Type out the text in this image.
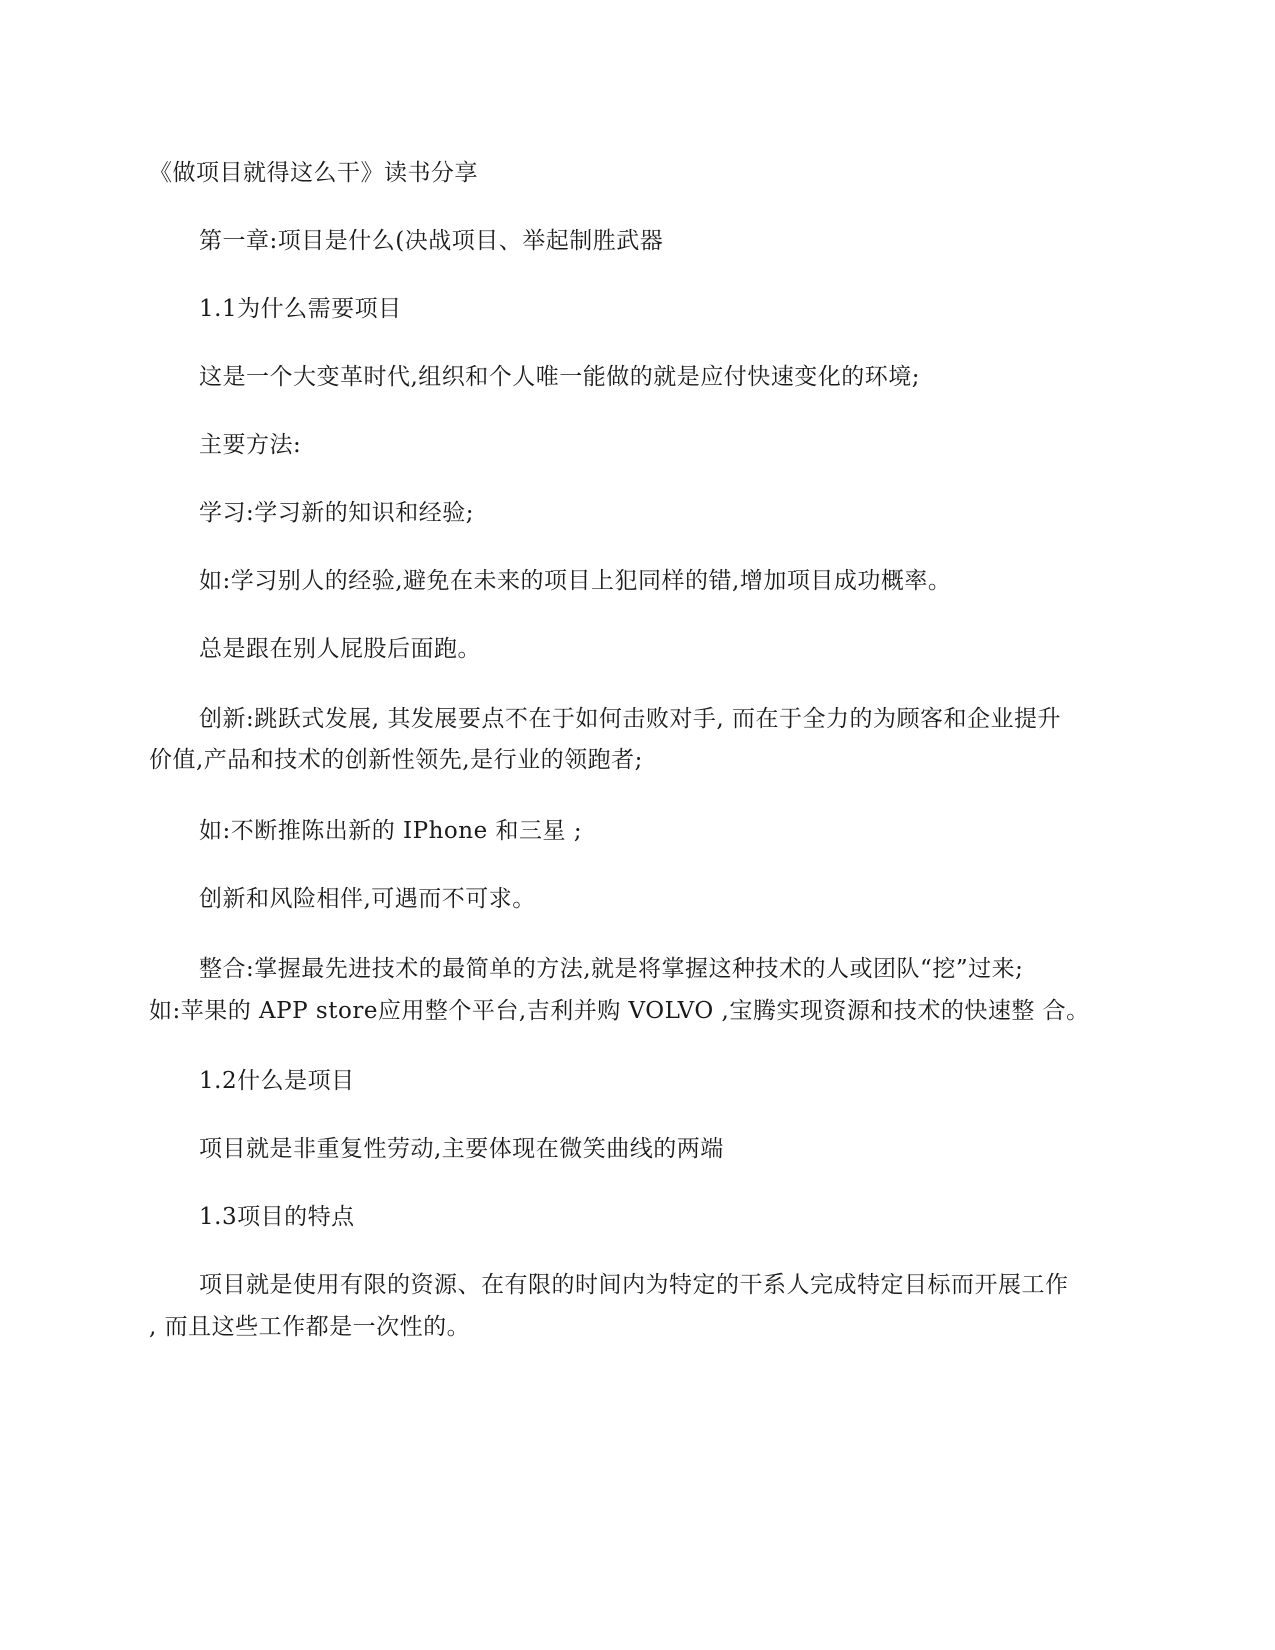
《做项目就得这么干》读书分享
第一章:项目是什么(决战项目、举起制胜武器
1.1为什么需要项目
这是一个大变革时代,组织和个人唯一能做的就是应付快速变化的环境;
主要方法:
学习:学习新的知识和经验;
如:学习别人的经验,避免在未来的项目上犯同样的错,增加项目成功概率。
总是跟在别人屁股后面跑。
创新:跳跃式发展, 其发展要点不在于如何击败对手, 而在于全力的为顾客和企业提升
价值,产品和技术的创新性领先,是行业的领跑者;
如:不断推陈出新的 IPhone 和三星 ;
创新和风险相伴,可遇而不可求。
整合:掌握最先进技术的最简单的方法,就是将掌握这种技术的人或团队“挖”过来;
如:苹果的 APP store应用整个平台,吉利并购 VOLVO ,宝腾实现资源和技术的快速整 合。
1.2什么是项目
项目就是非重复性劳动,主要体现在微笑曲线的两端
1.3项目的特点
项目就是使用有限的资源、在有限的时间内为特定的干系人完成特定目标而开展工作
, 而且这些工作都是一次性的。
